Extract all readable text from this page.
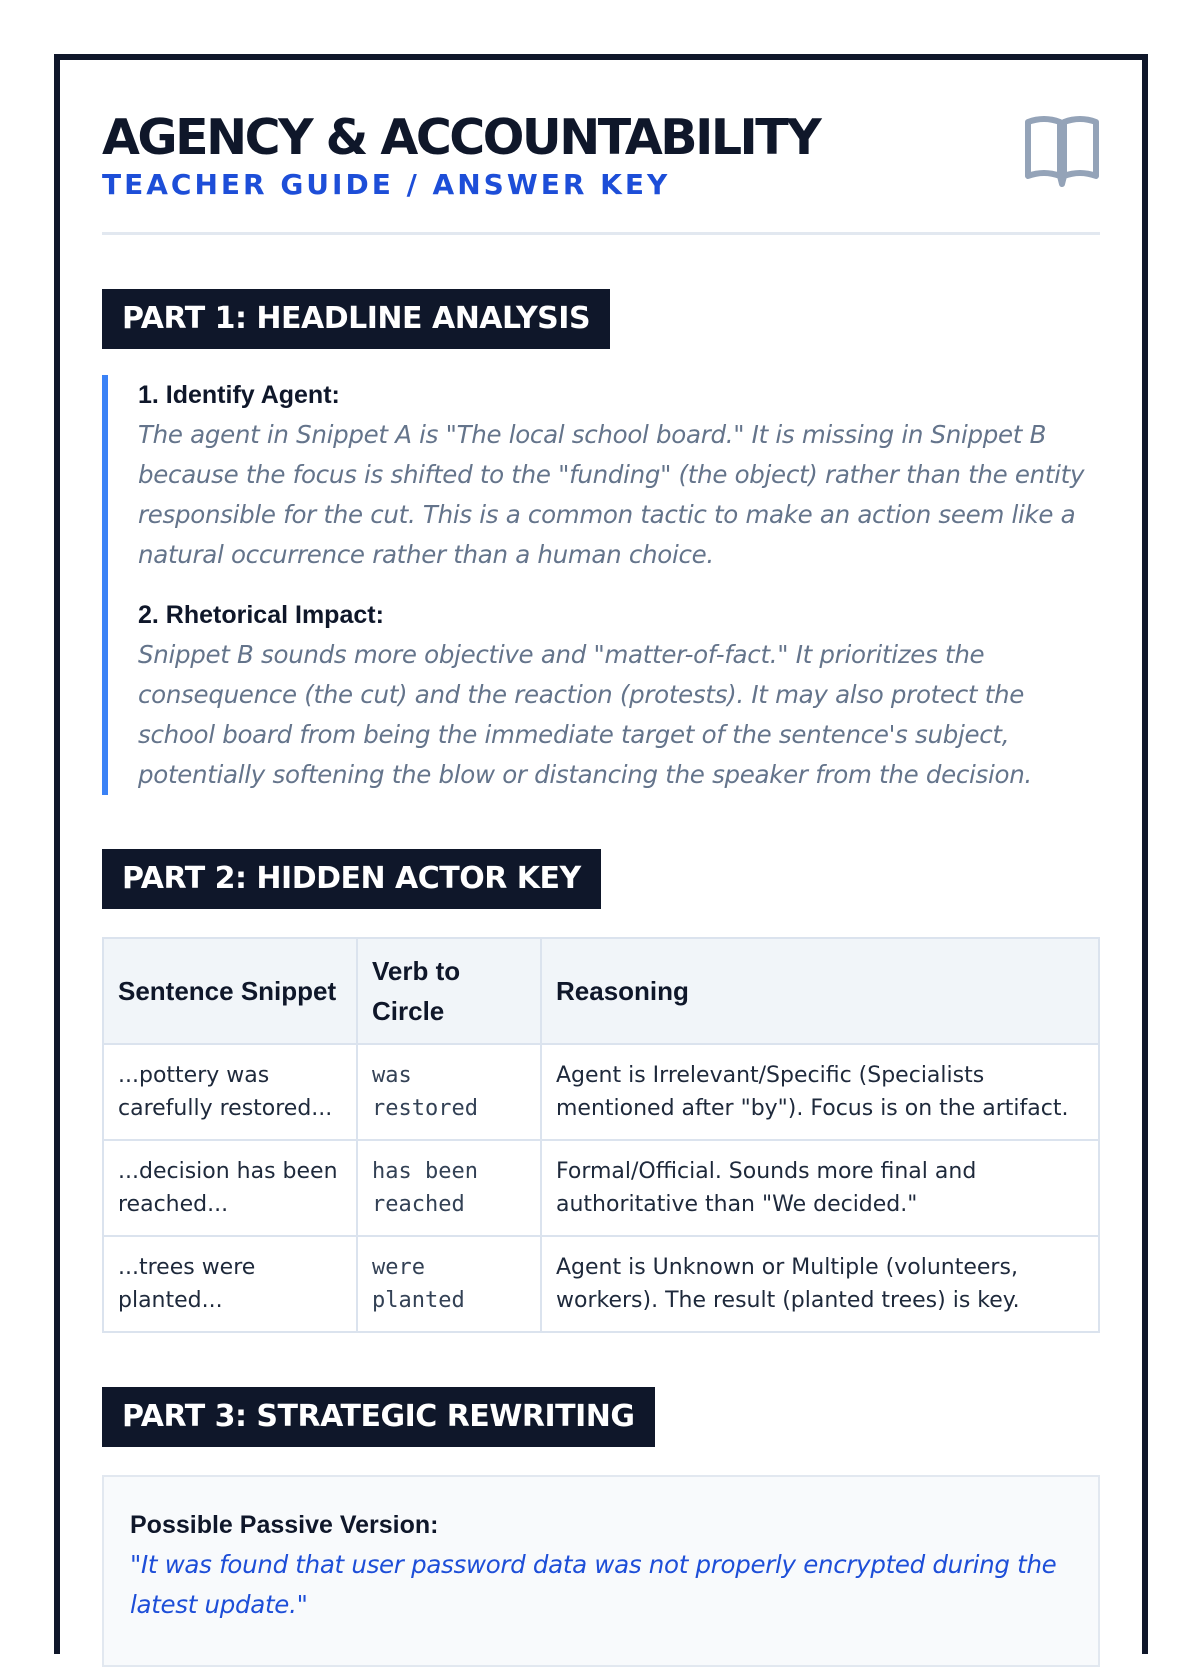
AGENCY & ACCOUNTABILITY
TEACHER GUIDE / ANSWER KEY
PART 1: HEADLINE ANALYSIS
1. Identify Agent:
The agent in Snippet A is "The local school board." It is missing in Snippet B because the focus is shifted to the "funding" (the object) rather than the entity responsible for the cut. This is a common tactic to make an action seem like a natural occurrence rather than a human choice.
2. Rhetorical Impact:
Snippet B sounds more objective and "matter-of-fact." It prioritizes the consequence (the cut) and the reaction (protests). It may also protect the school board from being the immediate target of the sentence's subject, potentially softening the blow or distancing the speaker from the decision.
PART 2: HIDDEN ACTOR KEY
Sentence Snippet	Verb to Circle	Reasoning
...pottery was carefully restored...	was restored	Agent is Irrelevant/Specific (Specialists mentioned after "by"). Focus is on the artifact.
...decision has been reached...	has been reached	Formal/Official. Sounds more final and authoritative than "We decided."
...trees were planted...	were planted	Agent is Unknown or Multiple (volunteers, workers). The result (planted trees) is key.
PART 3: STRATEGIC REWRITING
Possible Passive Version:
"It was found that user password data was not properly encrypted during the latest update."
